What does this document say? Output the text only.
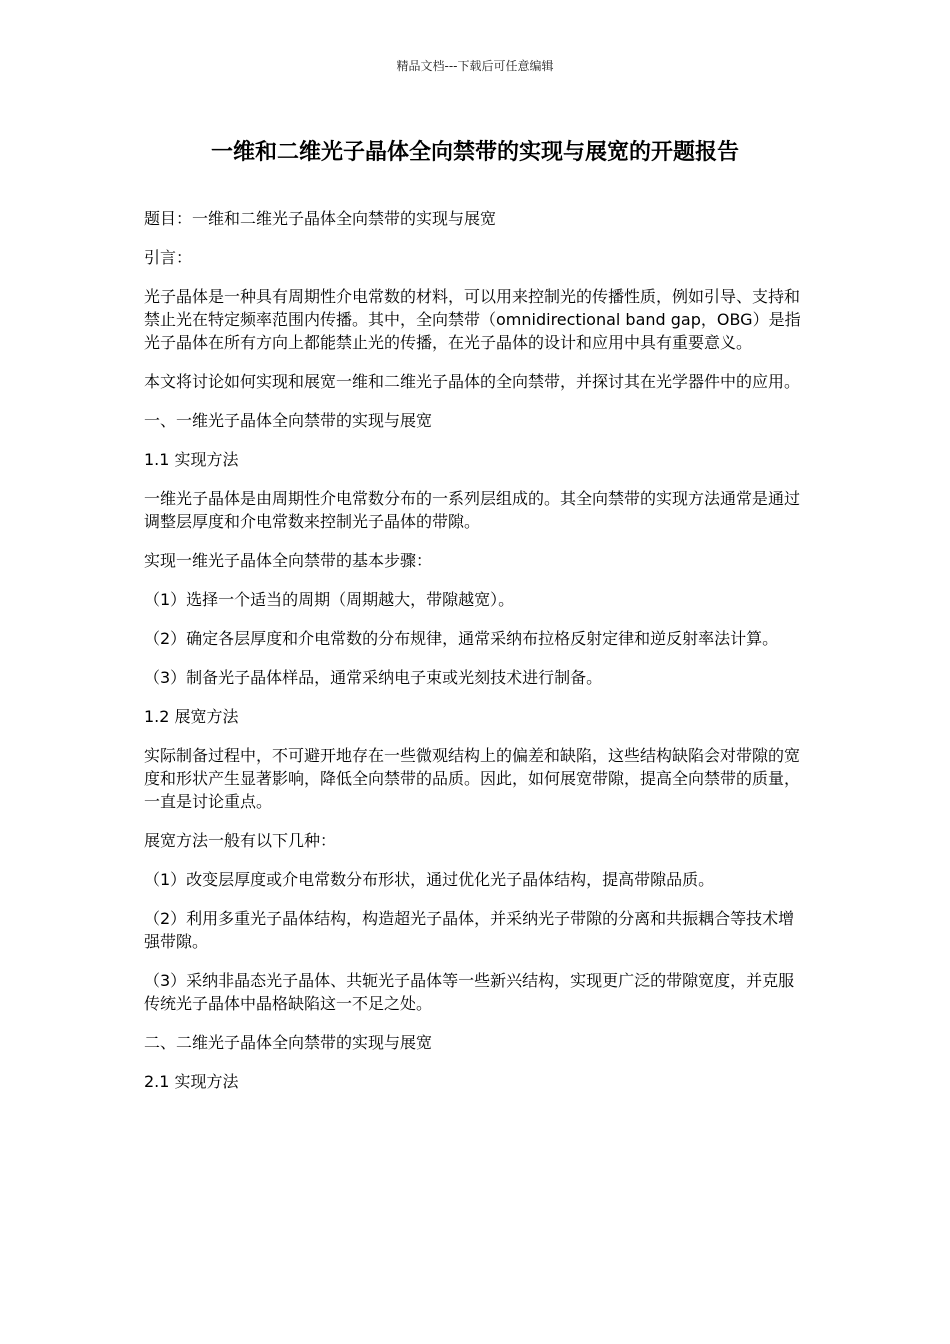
精品文档---下载后可任意编辑
一维和二维光子晶体全向禁带的实现与展宽的开题报告

题目：一维和二维光子晶体全向禁带的实现与展宽

引言：

光子晶体是一种具有周期性介电常数的材料，可以用来控制光的传播性质，例如引导、支持和禁止光在特定频率范围内传播。其中，全向禁带（omnidirectional band gap，OBG）是指光子晶体在所有方向上都能禁止光的传播，在光子晶体的设计和应用中具有重要意义。

本文将讨论如何实现和展宽一维和二维光子晶体的全向禁带，并探讨其在光学器件中的应用。

一、一维光子晶体全向禁带的实现与展宽

1.1 实现方法

一维光子晶体是由周期性介电常数分布的一系列层组成的。其全向禁带的实现方法通常是通过调整层厚度和介电常数来控制光子晶体的带隙。

实现一维光子晶体全向禁带的基本步骤：

（1）选择一个适当的周期（周期越大，带隙越宽）。

（2）确定各层厚度和介电常数的分布规律，通常采纳布拉格反射定律和逆反射率法计算。

（3）制备光子晶体样品，通常采纳电子束或光刻技术进行制备。

1.2 展宽方法

实际制备过程中，不可避开地存在一些微观结构上的偏差和缺陷，这些结构缺陷会对带隙的宽度和形状产生显著影响，降低全向禁带的品质。因此，如何展宽带隙，提高全向禁带的质量，一直是讨论重点。

展宽方法一般有以下几种：

（1）改变层厚度或介电常数分布形状，通过优化光子晶体结构，提高带隙品质。

（2）利用多重光子晶体结构，构造超光子晶体，并采纳光子带隙的分离和共振耦合等技术增强带隙。

（3）采纳非晶态光子晶体、共轭光子晶体等一些新兴结构，实现更广泛的带隙宽度，并克服传统光子晶体中晶格缺陷这一不足之处。

二、二维光子晶体全向禁带的实现与展宽

2.1 实现方法
